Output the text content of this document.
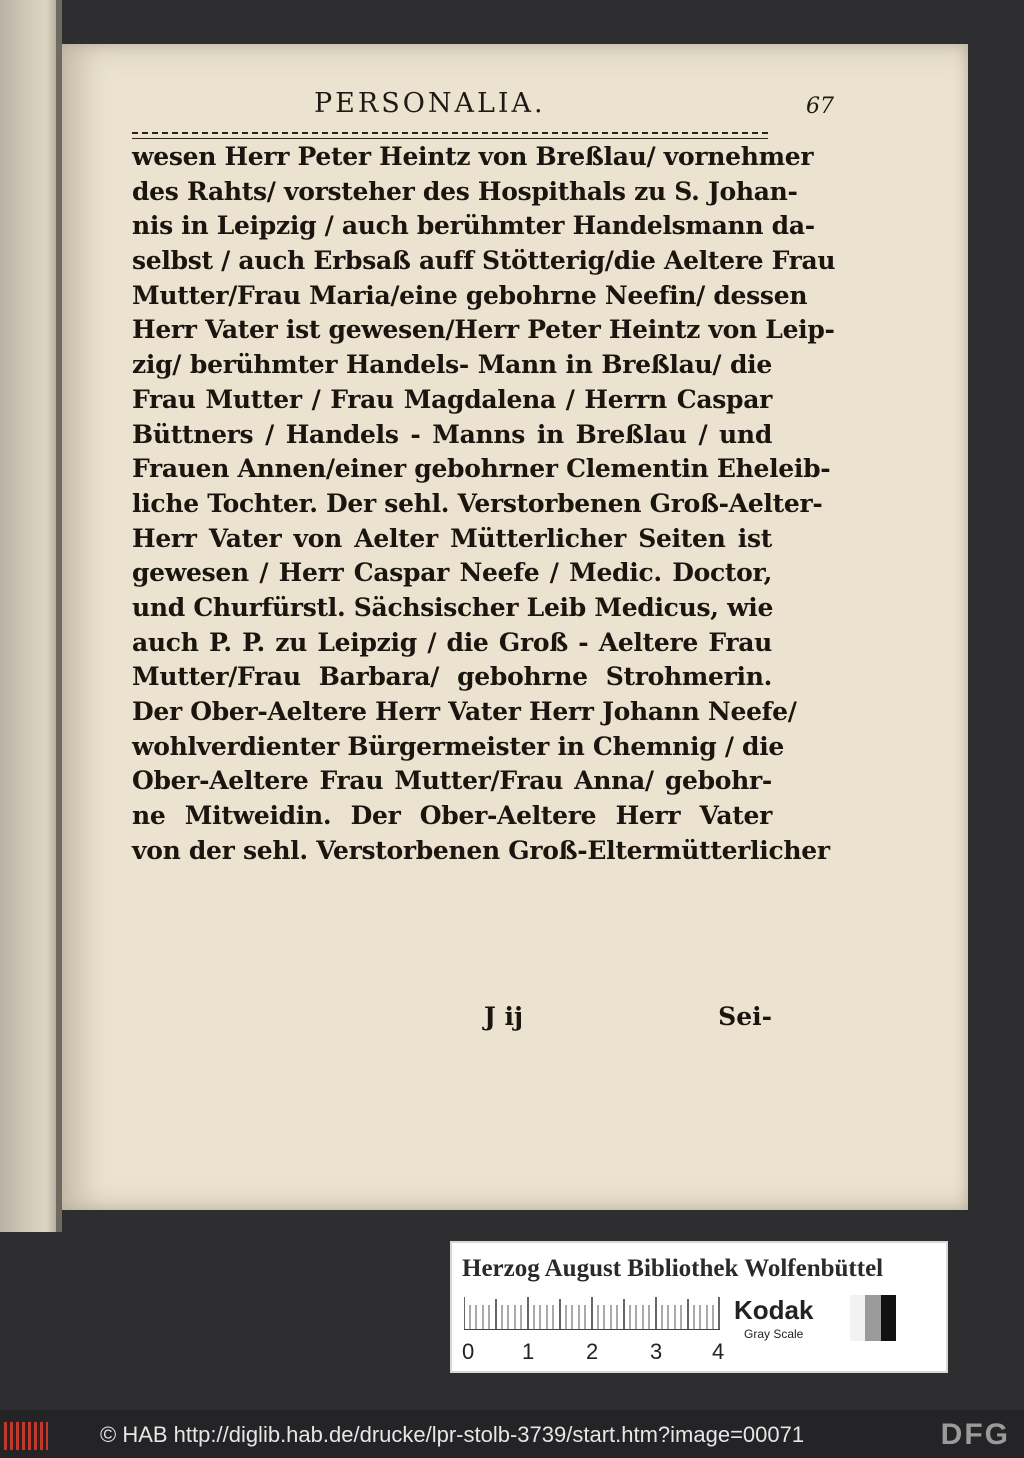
PERSONALIA.	67
wesen Herr Peter Heintz von Breßlau/ vornehmer
des Rahts/ vorsteher des Hospithals zu S. Johan-
nis in Leipzig / auch berühmter Handelsmann da-
selbst / auch Erbsaß auff Stötterig/die Aeltere Frau
Mutter/Frau Maria/eine gebohrne Neefin/ dessen
Herr Vater ist gewesen/Herr Peter Heintz von Leip-
zig/ berühmter Handels- Mann in Breßlau/ die
Frau Mutter / Frau Magdalena / Herrn Caspar
Büttners / Handels - Manns in Breßlau / und
Frauen Annen/einer gebohrner Clementin Eheleib-
liche Tochter. Der sehl. Verstorbenen Groß-Aelter-
Herr Vater von Aelter Mütterlicher Seiten ist
gewesen / Herr Caspar Neefe / Medic. Doctor,
und Churfürstl. Sächsischer Leib Medicus, wie
auch P. P. zu Leipzig / die Groß - Aeltere Frau
Mutter/Frau Barbara/ gebohrne Strohmerin.
Der Ober-Aeltere Herr Vater Herr Johann Neefe/
wohlverdienter Bürgermeister in Chemnig / die
Ober-Aeltere Frau Mutter/Frau Anna/ gebohr-
ne Mitweidin. Der Ober-Aeltere Herr Vater
von der sehl. Verstorbenen Groß-Eltermütterlicher
J ij	Sei-
Herzog August Bibliothek Wolfenbüttel
0 1 2 3 4
Kodak
Gray Scale
© HAB http://diglib.hab.de/drucke/lpr-stolb-3739/start.htm?image=00071	DFG
